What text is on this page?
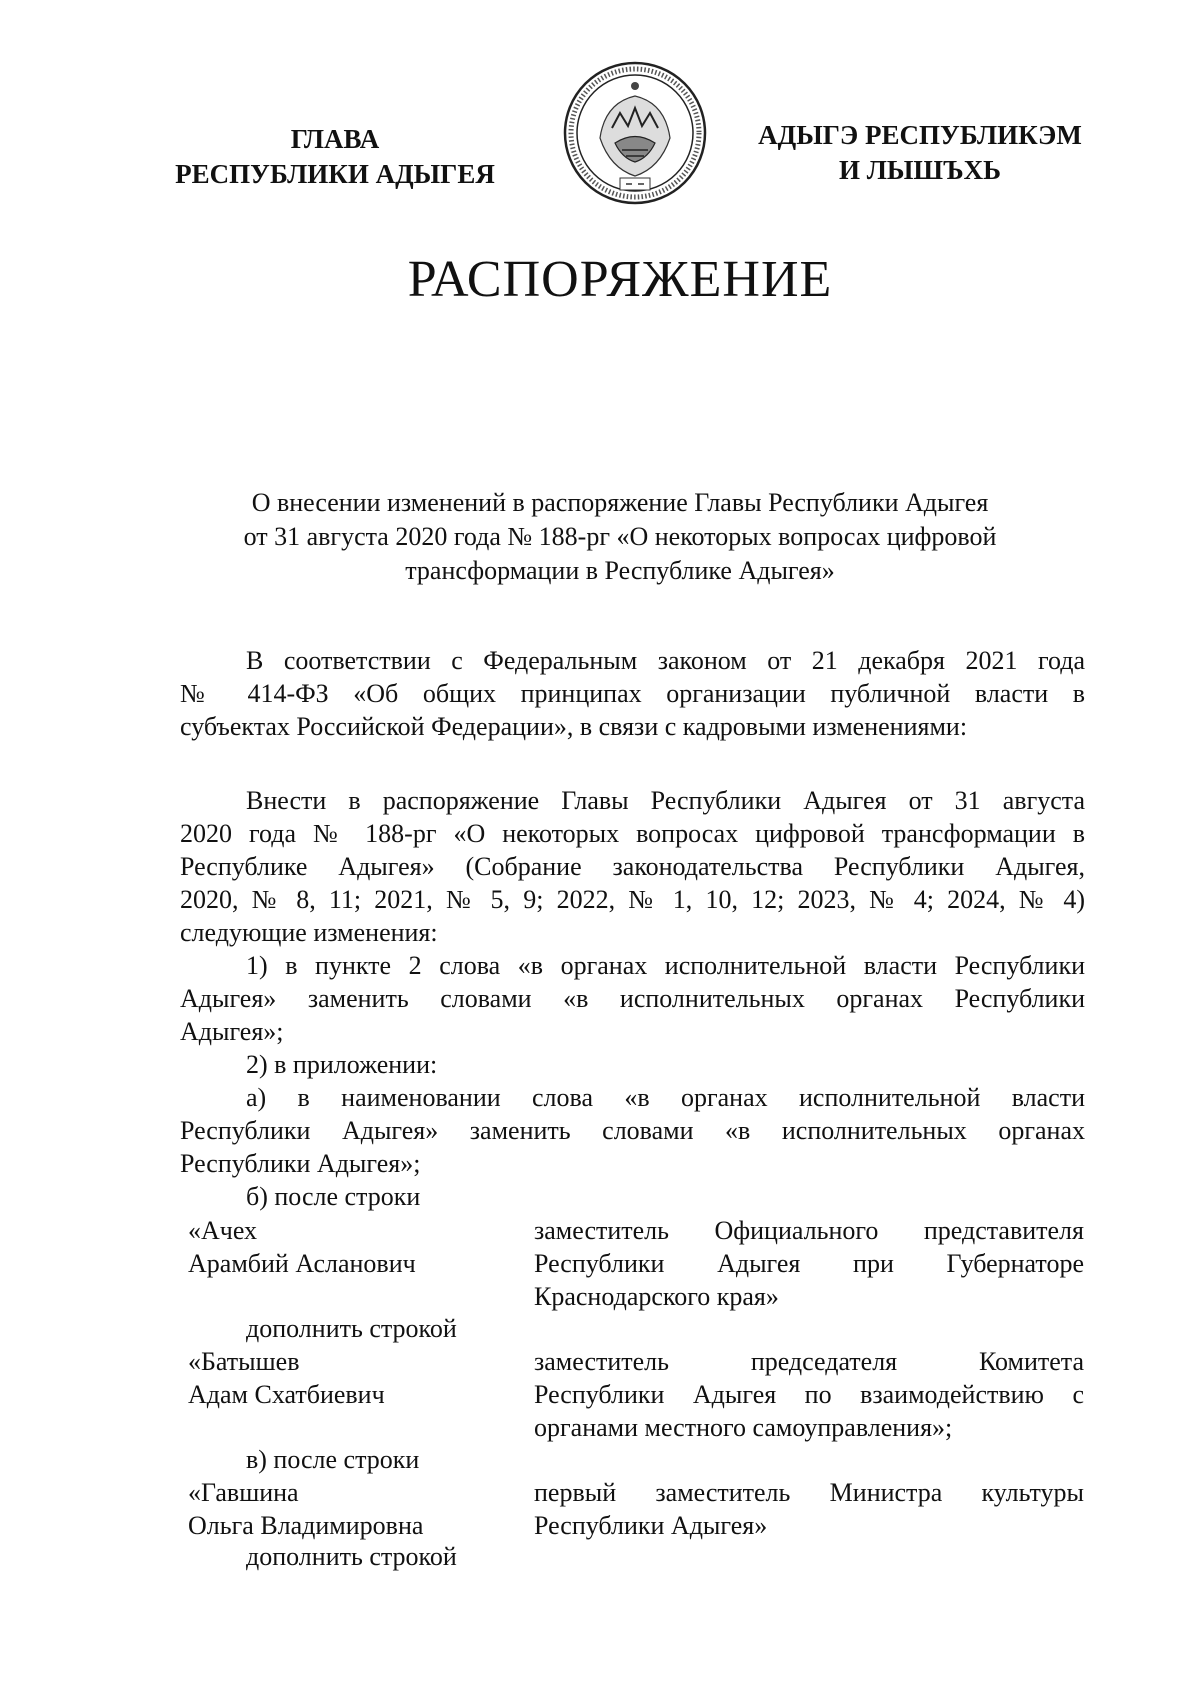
ГЛАВА
РЕСПУБЛИКИ АДЫГЕЯ
АДЫГЭ РЕСПУБЛИКЭМ
И ЛЫШЪХЬ
РАСПОРЯЖЕНИЕ
О внесении изменений в распоряжение Главы Республики Адыгея
от 31 августа 2020 года № 188-рг «О некоторых вопросах цифровой
трансформации в Республике Адыгея»
В соответствии с Федеральным законом от 21 декабря 2021 года
№ 414-ФЗ «Об общих принципах организации публичной власти в
субъектах Российской Федерации», в связи с кадровыми изменениями:
Внести в распоряжение Главы Республики Адыгея от 31 августа
2020 года № 188-рг «О некоторых вопросах цифровой трансформации в
Республике Адыгея» (Собрание законодательства Республики Адыгея,
2020, № 8, 11; 2021, № 5, 9; 2022, № 1, 10, 12; 2023, № 4; 2024, № 4)
следующие изменения:
1) в пункте 2 слова «в органах исполнительной власти Республики
Адыгея» заменить словами «в исполнительных органах Республики
Адыгея»;
2) в приложении:
а) в наименовании слова «в органах исполнительной власти
Республики Адыгея» заменить словами «в исполнительных органах
Республики Адыгея»;
б) после строки
«Ачех
Арамбий Асланович
заместитель Официального представителя
Республики Адыгея при Губернаторе
Краснодарского края»
дополнить строкой
«Батышев
Адам Схатбиевич
заместитель председателя Комитета
Республики Адыгея по взаимодействию с
органами местного самоуправления»;
в) после строки
«Гавшина
Ольга Владимировна
первый заместитель Министра культуры
Республики Адыгея»
дополнить строкой
